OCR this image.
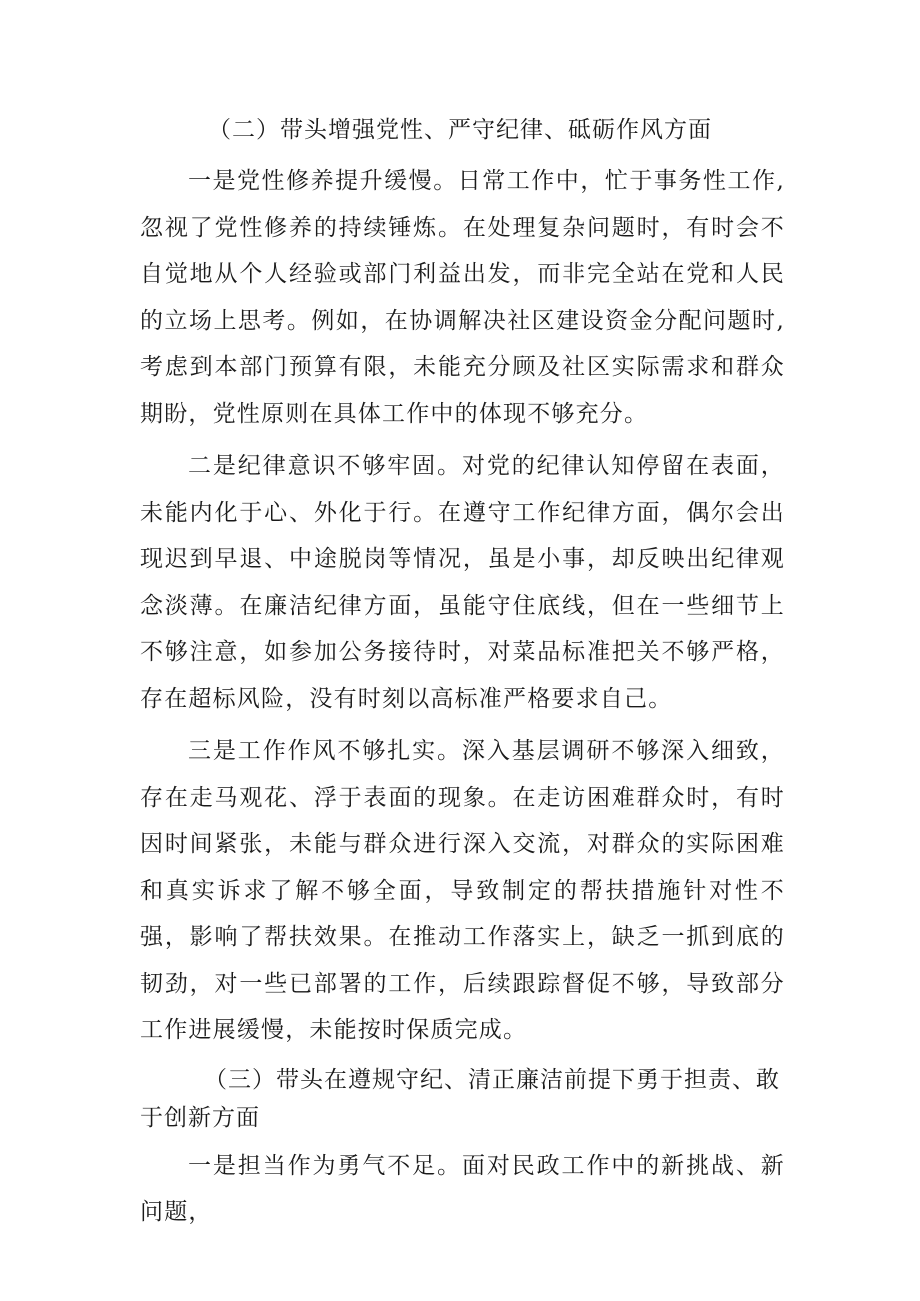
（二）带头增强党性、严守纪律、砥砺作风方面

一是党性修养提升缓慢。日常工作中，忙于事务性工作,忽视了党性修养的持续锤炼。在处理复杂问题时，有时会不自觉地从个人经验或部门利益出发，而非完全站在党和人民的立场上思考。例如，在协调解决社区建设资金分配问题时,考虑到本部门预算有限，未能充分顾及社区实际需求和群众期盼，党性原则在具体工作中的体现不够充分。

二是纪律意识不够牢固。对党的纪律认知停留在表面，未能内化于心、外化于行。在遵守工作纪律方面，偶尔会出现迟到早退、中途脱岗等情况，虽是小事，却反映出纪律观念淡薄。在廉洁纪律方面，虽能守住底线，但在一些细节上不够注意，如参加公务接待时，对菜品标准把关不够严格，存在超标风险，没有时刻以高标准严格要求自己。

三是工作作风不够扎实。深入基层调研不够深入细致，存在走马观花、浮于表面的现象。在走访困难群众时，有时因时间紧张，未能与群众进行深入交流，对群众的实际困难和真实诉求了解不够全面，导致制定的帮扶措施针对性不强，影响了帮扶效果。在推动工作落实上，缺乏一抓到底的韧劲，对一些已部署的工作，后续跟踪督促不够，导致部分工作进展缓慢，未能按时保质完成。

（三）带头在遵规守纪、清正廉洁前提下勇于担责、敢于创新方面

一是担当作为勇气不足。面对民政工作中的新挑战、新问题，
